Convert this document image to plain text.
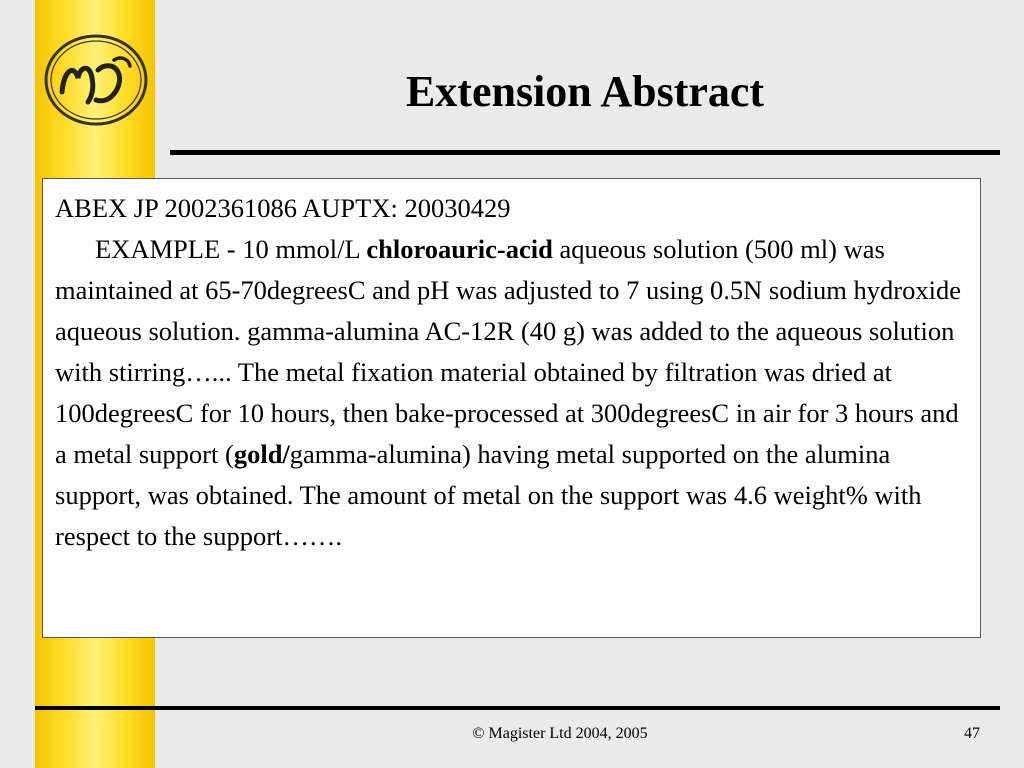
Extension Abstract

ABEX JP 2002361086 AUPTX: 20030429

EXAMPLE - 10 mmol/L chloroauric-acid aqueous solution (500 ml) was maintained at 65-70degreesC and pH was adjusted to 7 using 0.5N sodium hydroxide aqueous solution. gamma-alumina AC-12R (40 g) was added to the aqueous solution with stirring…... The metal fixation material obtained by filtration was dried at 100degreesC for 10 hours, then bake-processed at 300degreesC in air for 3 hours and a metal support (gold/gamma-alumina) having metal supported on the alumina support, was obtained. The amount of metal on the support was 4.6 weight% with respect to the support…….

© Magister Ltd 2004, 2005	47
